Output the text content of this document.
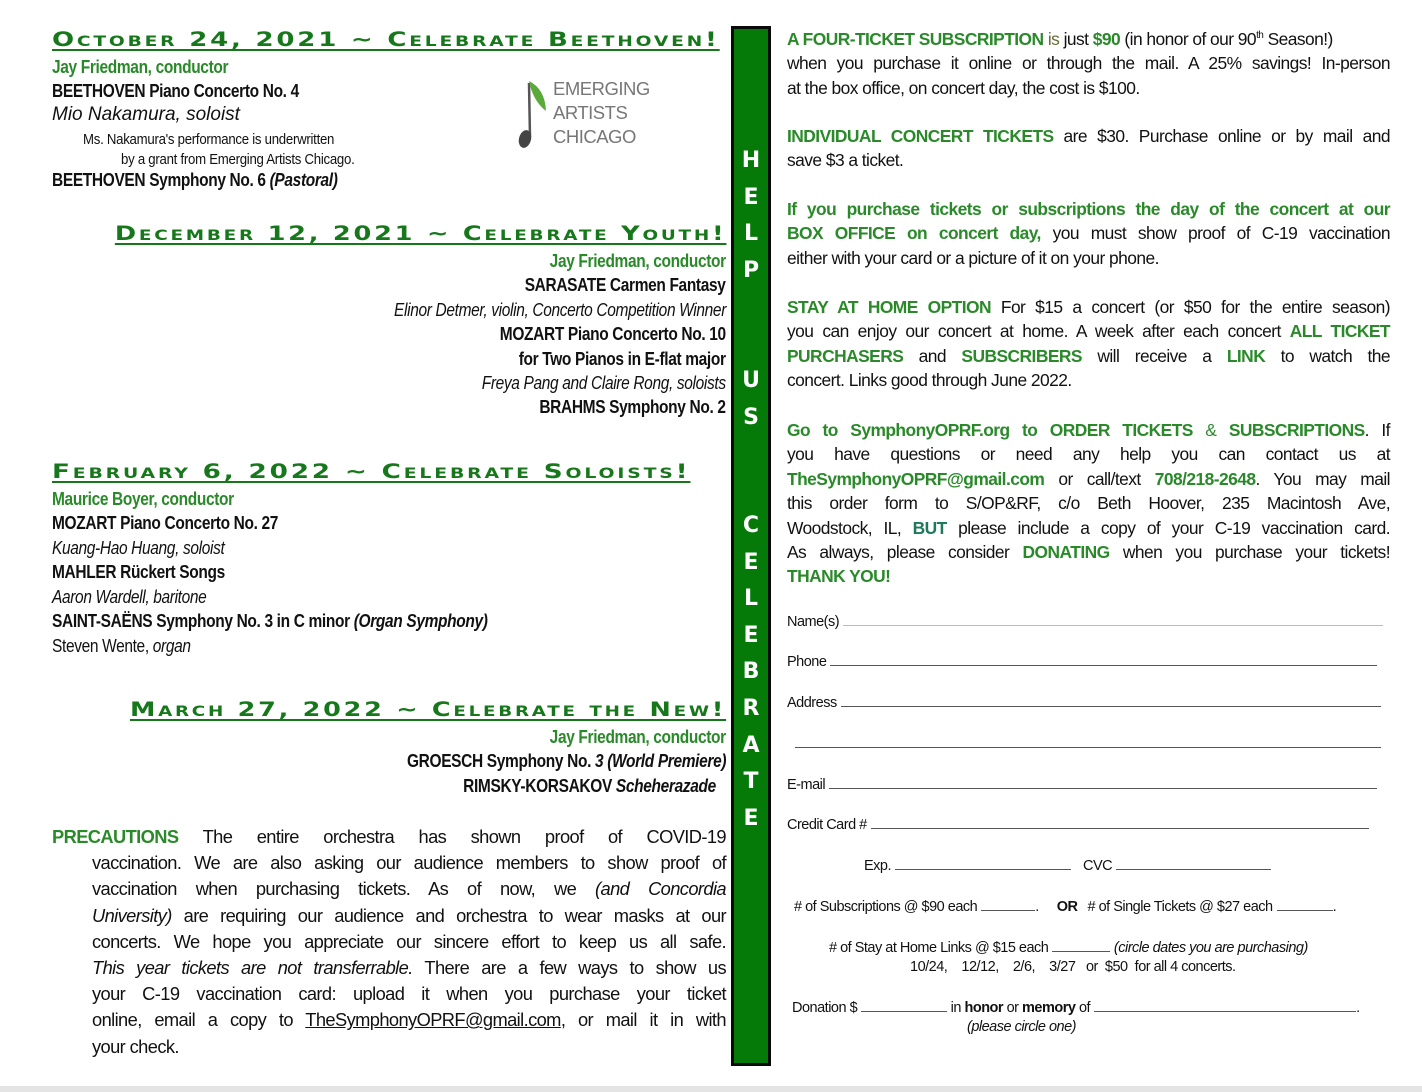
October 24, 2021 ~ Celebrate Beethoven!
Jay Friedman, conductor
BEETHOVEN Piano Concerto No. 4
Mio Nakamura, soloist
Ms. Nakamura's performance is underwritten
by a grant from Emerging Artists Chicago.
BEETHOVEN Symphony No. 6 (Pastoral)
EMERGING
ARTISTS
CHICAGO
December 12, 2021 ~ Celebrate Youth!
Jay Friedman, conductor
SARASATE Carmen Fantasy
Elinor Detmer, violin, Concerto Competition Winner
MOZART Piano Concerto No. 10
for Two Pianos in E-flat major
Freya Pang and Claire Rong, soloists
BRAHMS Symphony No. 2
February 6, 2022 ~ Celebrate Soloists!
Maurice Boyer, conductor
MOZART Piano Concerto No. 27
Kuang-Hao Huang, soloist
MAHLER Rückert Songs
Aaron Wardell, baritone
SAINT-SAËNS Symphony No. 3 in C minor (Organ Symphony)
Steven Wente, organ
March 27, 2022 ~ Celebrate the New!
Jay Friedman, conductor
GROESCH Symphony No. 3 (World Premiere)
RIMSKY-KORSAKOV Scheherazade
PRECAUTIONS The entire orchestra has shown proof of COVID-19
vaccination. We are also asking our audience members to show proof of
vaccination when purchasing tickets. As of now, we (and Concordia
University) are requiring our audience and orchestra to wear masks at our
concerts. We hope you appreciate our sincere effort to keep us all safe.
This year tickets are not transferrable. There are a few ways to show us
your C-19 vaccination card: upload it when you purchase your ticket
online, email a copy to TheSymphonyOPRF@gmail.com, or mail it in with
your check.
H
E
L
P
U
S
C
E
L
E
B
R
A
T
E
A FOUR-TICKET SUBSCRIPTION is just $90 (in honor of our 90th Season!)
when you purchase it online or through the mail. A 25% savings! In-person
at the box office, on concert day, the cost is $100.
INDIVIDUAL CONCERT TICKETS are $30. Purchase online or by mail and
save $3 a ticket.
If you purchase tickets or subscriptions the day of the concert at our
BOX OFFICE on concert day, you must show proof of C-19 vaccination
either with your card or a picture of it on your phone.
STAY AT HOME OPTION For $15 a concert (or $50 for the entire season)
you can enjoy our concert at home. A week after each concert ALL TICKET
PURCHASERS and SUBSCRIBERS will receive a LINK to watch the
concert. Links good through June 2022.
Go to SymphonyOPRF.org to ORDER TICKETS & SUBSCRIPTIONS. If
you have questions or need any help you can contact us at
TheSymphonyOPRF@gmail.com or call/text 708/218-2648. You may mail
this order form to S/OP&RF, c/o Beth Hoover, 235 Macintosh Ave,
Woodstock, IL, BUT please include a copy of your C-19 vaccination card.
As always, please consider DONATING when you purchase your tickets!
THANK YOU!
Name(s)
Phone
Address
E-mail
Credit Card #
Exp.	CVC
# of Subscriptions @ $90 each	. OR # of Single Tickets @ $27 each	.
# of Stay at Home Links @ $15 each	(circle dates you are purchasing)
10/24,    12/12,    2/6,    3/27   or  $50  for all 4 concerts.
Donation $	in honor or memory of	.
(please circle one)
